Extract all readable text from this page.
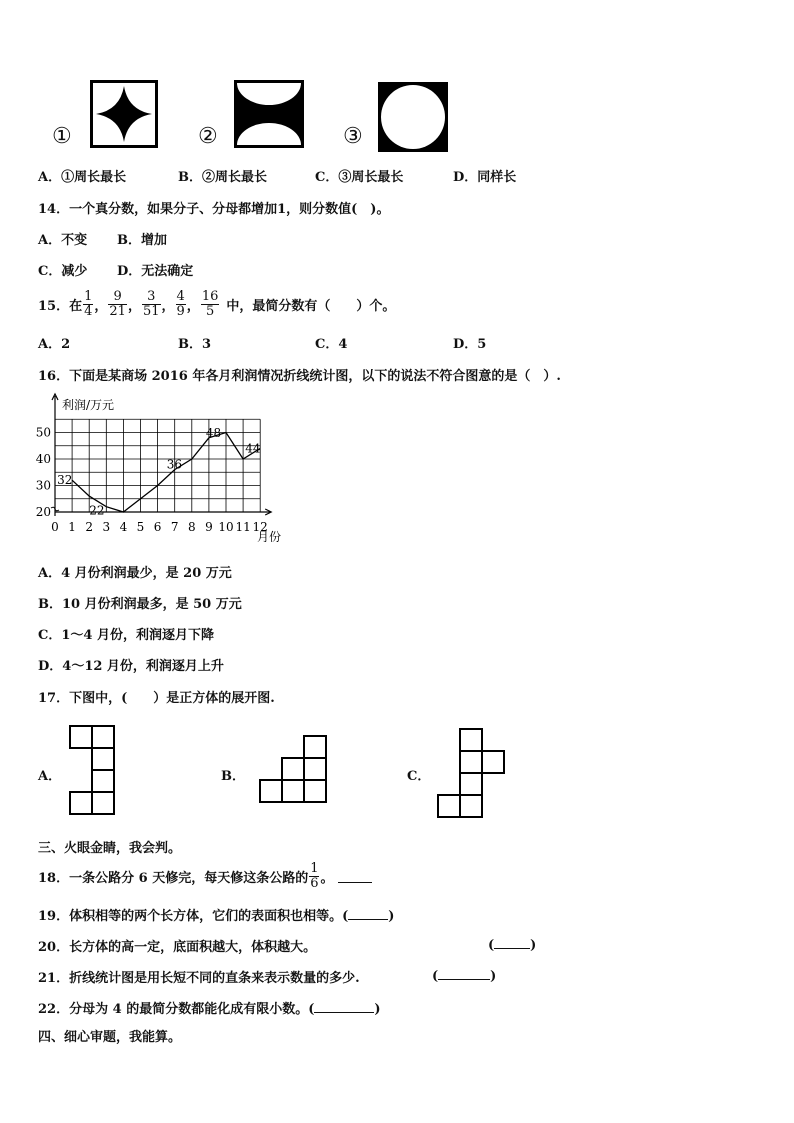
①	②	③
A．①周长最长	B．②周长最长	C．③周长最长	D．同样长
14．一个真分数，如果分子、分母都增加1，则分数值(　)。
A．不变 B．增加
C．减少 D．无法确定
15．在 $\frac{1}{4}$ ， $\frac{9}{21}$ ， $\frac{3}{51}$ ， $\frac{4}{9}$ ， $\frac{16}{5}$ 中，最简分数有（　　）个。
A．2	B．3	C．4	D．5
16．下面是某商场 2016 年各月利润情况折线统计图，以下的说法不符合图意的是（　）.
0 1 2 3 4 5 6 7 8 9 10 11 12
20
30
40
50
32
22
36
48
44
利润/万元
月份
A．4 月份利润最少，是 20 万元
B．10 月份利润最多，是 50 万元
C．1～4 月份，利润逐月下降
D．4～12 月份，利润逐月上升
17．下图中，(　　）是正方体的展开图.
A．	B．	C．
三、火眼金睛，我会判。
18．一条公路分 6 天修完，每天修这条公路的 $\frac{1}{6}$ 。
19．体积相等的两个长方体，它们的表面积也相等。(	)
20．长方体的高一定，底面积越大，体积越大。	(	)
21．折线统计图是用长短不同的直条来表示数量的多少.	(	)
22．分母为 4 的最简分数都能化成有限小数。(	)
四、细心审题，我能算。
